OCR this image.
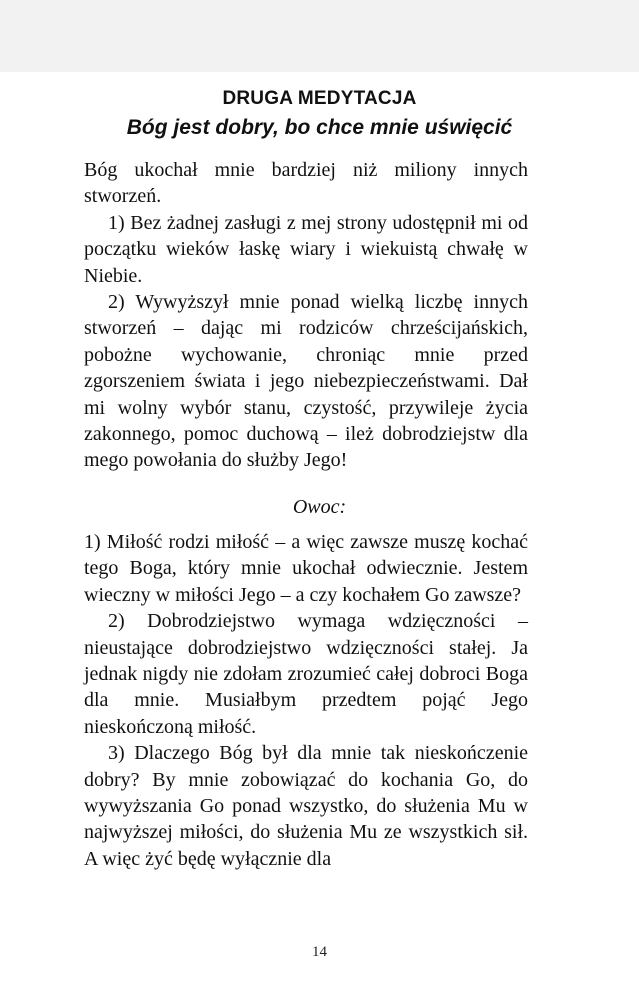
DRUGA MEDYTACJA
Bóg jest dobry, bo chce mnie uświęcić

Bóg ukochał mnie bardziej niż miliony innych stworzeń.

1) Bez żadnej zasługi z mej strony udostępnił mi od początku wieków łaskę wiary i wiekuistą chwałę w Niebie.

2) Wywyższył mnie ponad wielką liczbę innych stworzeń – dając mi rodziców chrześcijańskich, pobożne wychowanie, chroniąc mnie przed zgorszeniem świata i jego niebezpieczeństwami. Dał mi wolny wybór stanu, czystość, przywileje życia zakonnego, pomoc duchową – ileż dobrodziejstw dla mego powołania do służby Jego!

Owoc:

1) Miłość rodzi miłość – a więc zawsze muszę kochać tego Boga, który mnie ukochał odwiecznie. Jestem wieczny w miłości Jego – a czy kochałem Go zawsze?

2) Dobrodziejstwo wymaga wdzięczności – nieustające dobrodziejstwo wdzięczności stałej. Ja jednak nigdy nie zdołam zrozumieć całej dobroci Boga dla mnie. Musiałbym przedtem pojąć Jego nieskończoną miłość.

3) Dlaczego Bóg był dla mnie tak nieskończenie dobry? By mnie zobowiązać do kochania Go, do wywyższania Go ponad wszystko, do służenia Mu w najwyższej miłości, do służenia Mu ze wszystkich sił. A więc żyć będę wyłącznie dla

14
